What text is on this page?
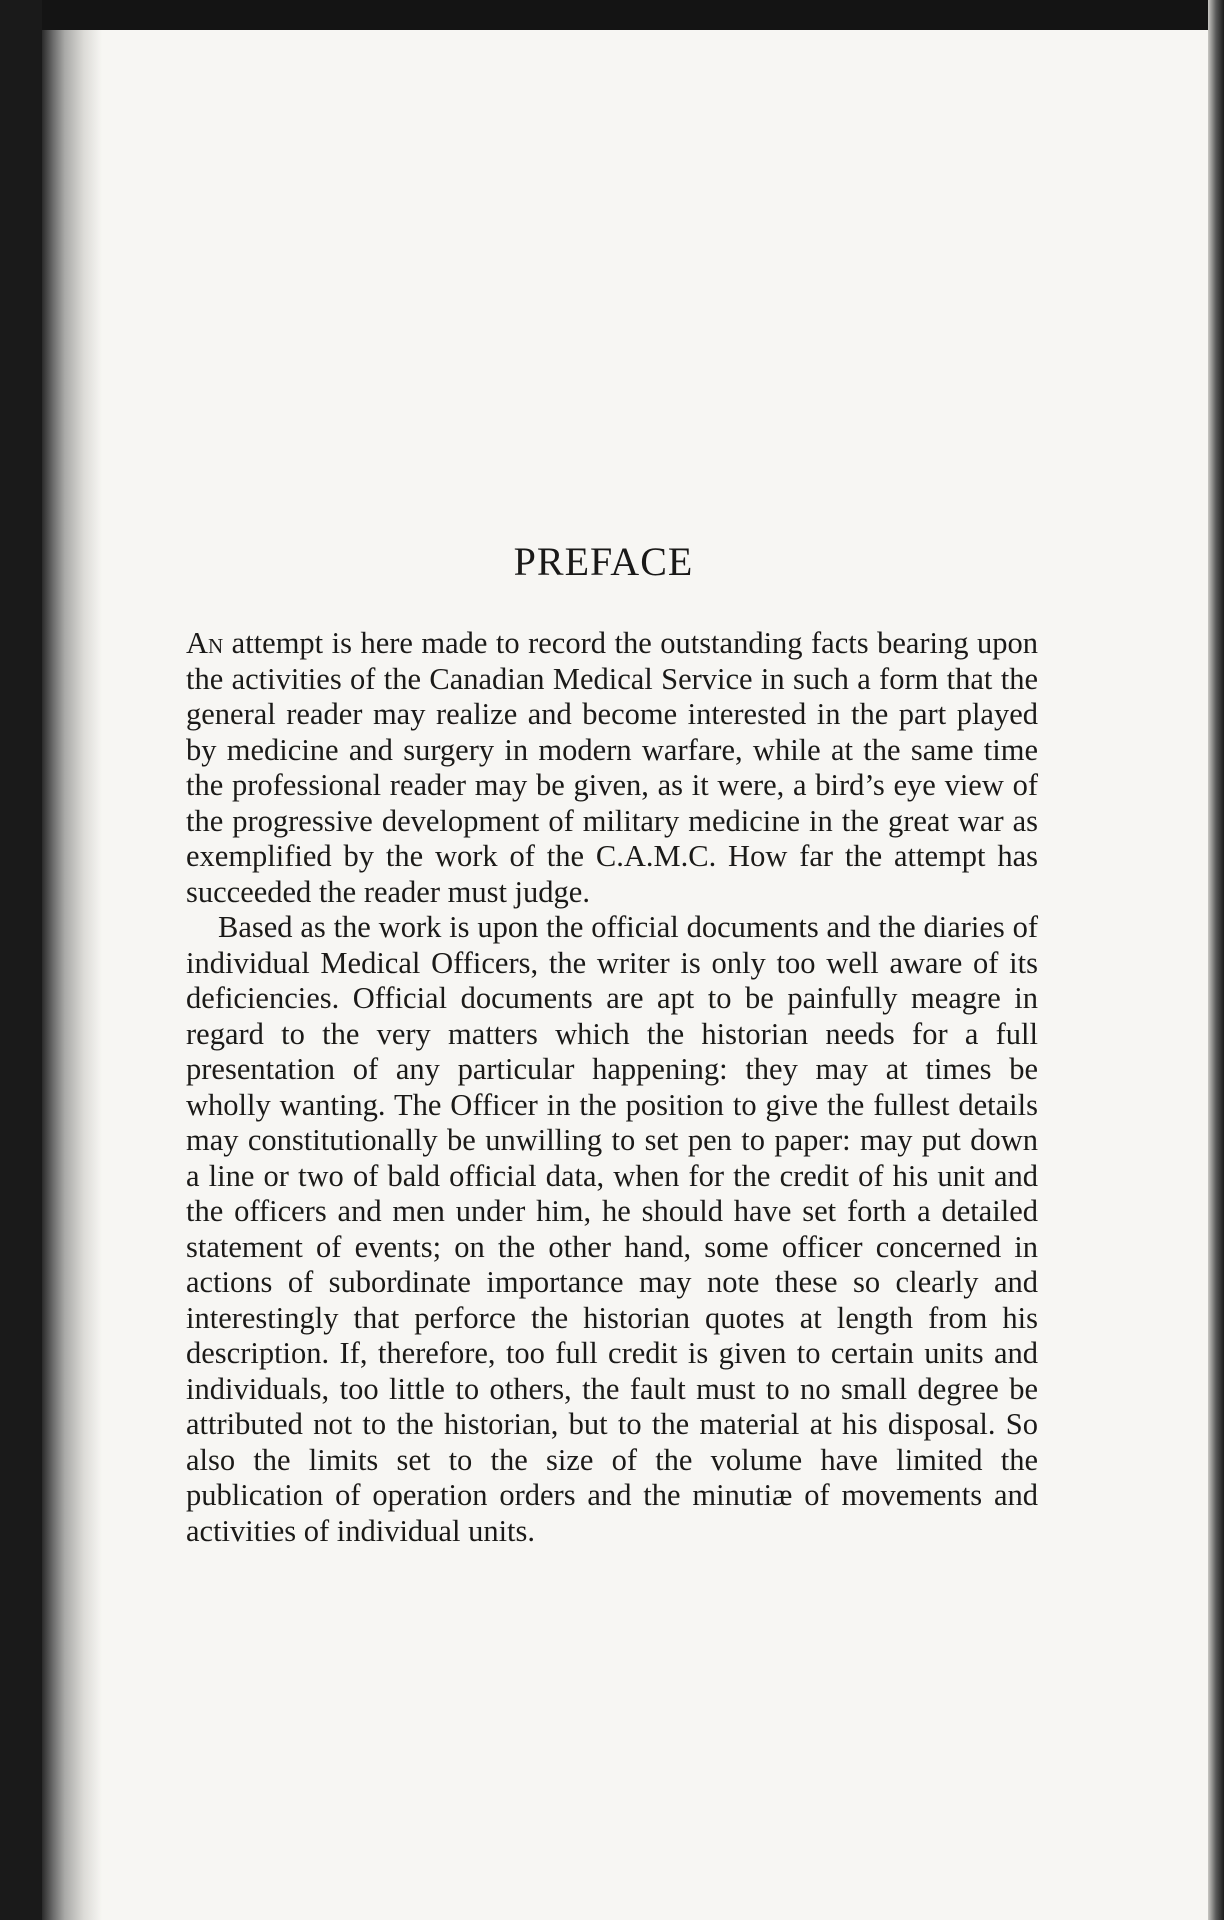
PREFACE

An attempt is here made to record the outstanding facts bearing upon the activities of the Canadian Medical Service in such a form that the general reader may realize and become interested in the part played by medicine and surgery in modern warfare, while at the same time the professional reader may be given, as it were, a bird’s eye view of the progressive development of military medicine in the great war as exemplified by the work of the C.A.M.C. How far the attempt has succeeded the reader must judge.

Based as the work is upon the official documents and the diaries of individual Medical Officers, the writer is only too well aware of its deficiencies. Official documents are apt to be painfully meagre in regard to the very matters which the historian needs for a full presentation of any particular happening: they may at times be wholly wanting. The Officer in the position to give the fullest details may constitutionally be unwilling to set pen to paper: may put down a line or two of bald official data, when for the credit of his unit and the officers and men under him, he should have set forth a detailed statement of events; on the other hand, some officer concerned in actions of subordinate importance may note these so clearly and interestingly that perforce the historian quotes at length from his description. If, therefore, too full credit is given to certain units and individuals, too little to others, the fault must to no small degree be attributed not to the historian, but to the material at his disposal. So also the limits set to the size of the volume have limited the publication of operation orders and the minutiæ of movements and activities of individual units.
